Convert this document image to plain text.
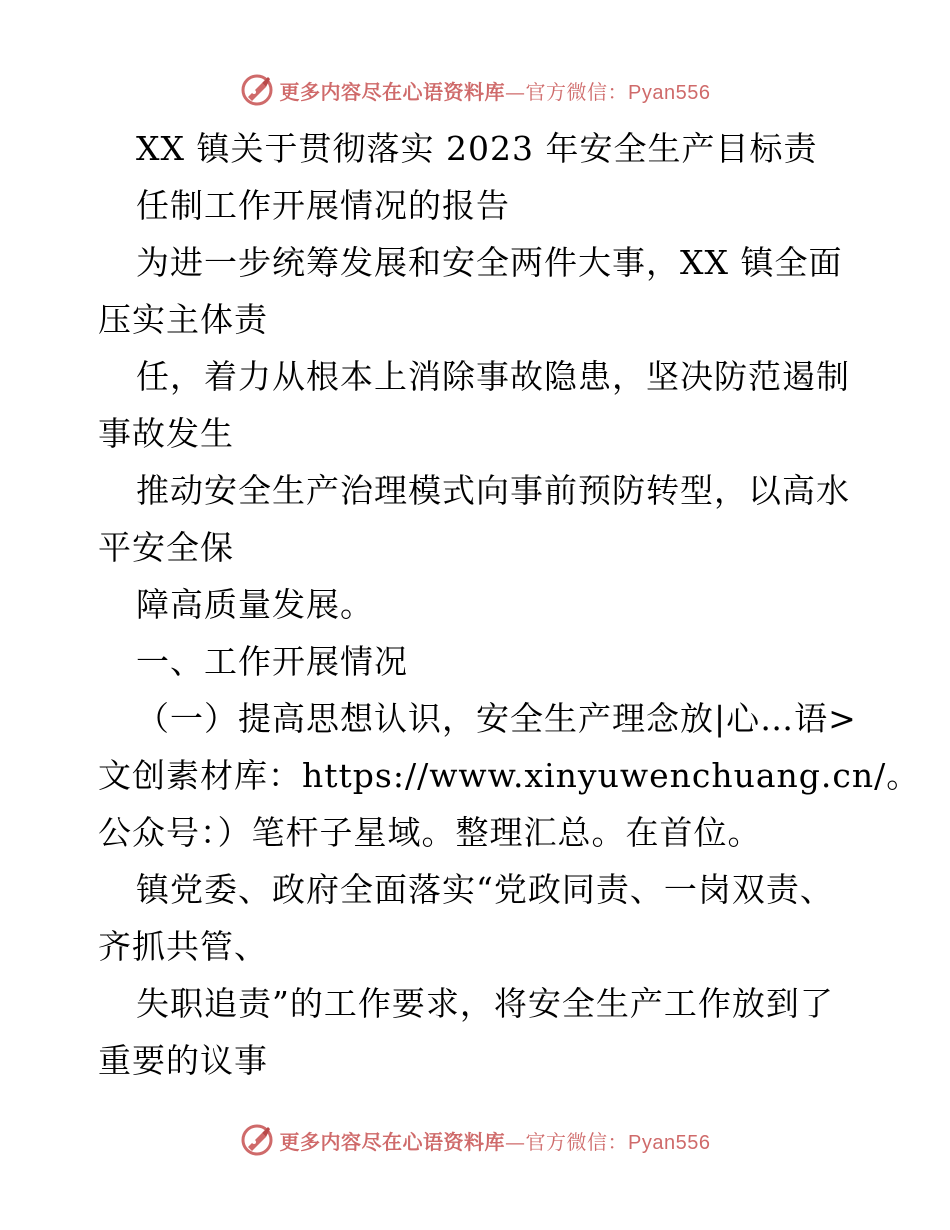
更多内容尽在心语资料库—官方微信：Pyan556
XX 镇关于贯彻落实 2023 年安全生产目标责
任制工作开展情况的报告
为进一步统筹发展和安全两件大事，XX 镇全面
压实主体责
任，着力从根本上消除事故隐患，坚决防范遏制
事故发生
推动安全生产治理模式向事前预防转型，以高水
平安全保
障高质量发展。
一、工作开展情况
（一）提高思想认识，安全生产理念放|心…语>
文创素材库：https://www.xinyuwenchuang.cn/。
公众号：）笔杆子星域。整理汇总。在首位。
镇党委、政府全面落实“党政同责、一岗双责、
齐抓共管、
失职追责”的工作要求，将安全生产工作放到了
重要的议事
更多内容尽在心语资料库—官方微信：Pyan556
